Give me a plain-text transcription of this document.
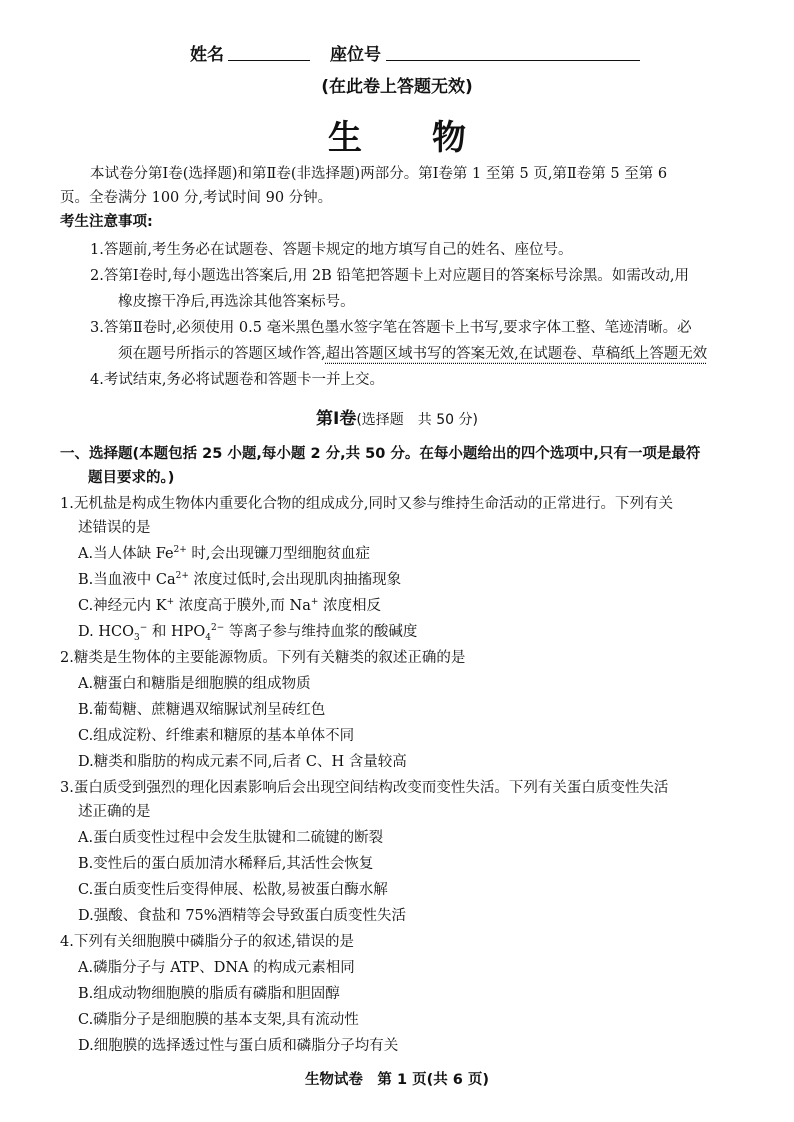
姓名	座位号
(在此卷上答题无效)
生物
本试卷分第Ⅰ卷(选择题)和第Ⅱ卷(非选择题)两部分。第Ⅰ卷第 1 至第 5 页,第Ⅱ卷第 5 至第 6
页。全卷满分 100 分,考试时间 90 分钟。
考生注意事项:
1.答题前,考生务必在试题卷、答题卡规定的地方填写自己的姓名、座位号。
2.答第Ⅰ卷时,每小题选出答案后,用 2B 铅笔把答题卡上对应题目的答案标号涂黑。如需改动,用
橡皮擦干净后,再选涂其他答案标号。
3.答第Ⅱ卷时,必须使用 0.5 毫米黑色墨水签字笔在答题卡上书写,要求字体工整、笔迹清晰。必
须在题号所指示的答题区域作答,超出答题区域书写的答案无效,在试题卷、草稿纸上答题无效
4.考试结束,务必将试题卷和答题卡一并上交。
第Ⅰ卷(选择题　共 50 分)
一、选择题(本题包括 25 小题,每小题 2 分,共 50 分。在每小题给出的四个选项中,只有一项是最符
题目要求的。)
1.无机盐是构成生物体内重要化合物的组成成分,同时又参与维持生命活动的正常进行。下列有关
述错误的是
A.当人体缺 $Fe^{2+}$ 时,会出现镰刀型细胞贫血症
B.当血液中 $Ca^{2+}$ 浓度过低时,会出现肌肉抽搐现象
C.神经元内 K+ 浓度高于膜外,而 Na+ 浓度相反
D. $HCO_3^-$ 和 $HPO_4^{2-}$ 等离子参与维持血浆的酸碱度
2.糖类是生物体的主要能源物质。下列有关糖类的叙述正确的是
A.糖蛋白和糖脂是细胞膜的组成物质
B.葡萄糖、蔗糖遇双缩脲试剂呈砖红色
C.组成淀粉、纤维素和糖原的基本单体不同
D.糖类和脂肪的构成元素不同,后者 C、H 含量较高
3.蛋白质受到强烈的理化因素影响后会出现空间结构改变而变性失活。下列有关蛋白质变性失活
述正确的是
A.蛋白质变性过程中会发生肽键和二硫键的断裂
B.变性后的蛋白质加清水稀释后,其活性会恢复
C.蛋白质变性后变得伸展、松散,易被蛋白酶水解
D.强酸、食盐和 75%酒精等会导致蛋白质变性失活
4.下列有关细胞膜中磷脂分子的叙述,错误的是
A.磷脂分子与 ATP、DNA 的构成元素相同
B.组成动物细胞膜的脂质有磷脂和胆固醇
C.磷脂分子是细胞膜的基本支架,具有流动性
D.细胞膜的选择透过性与蛋白质和磷脂分子均有关
生物试卷　第 1 页(共 6 页)
